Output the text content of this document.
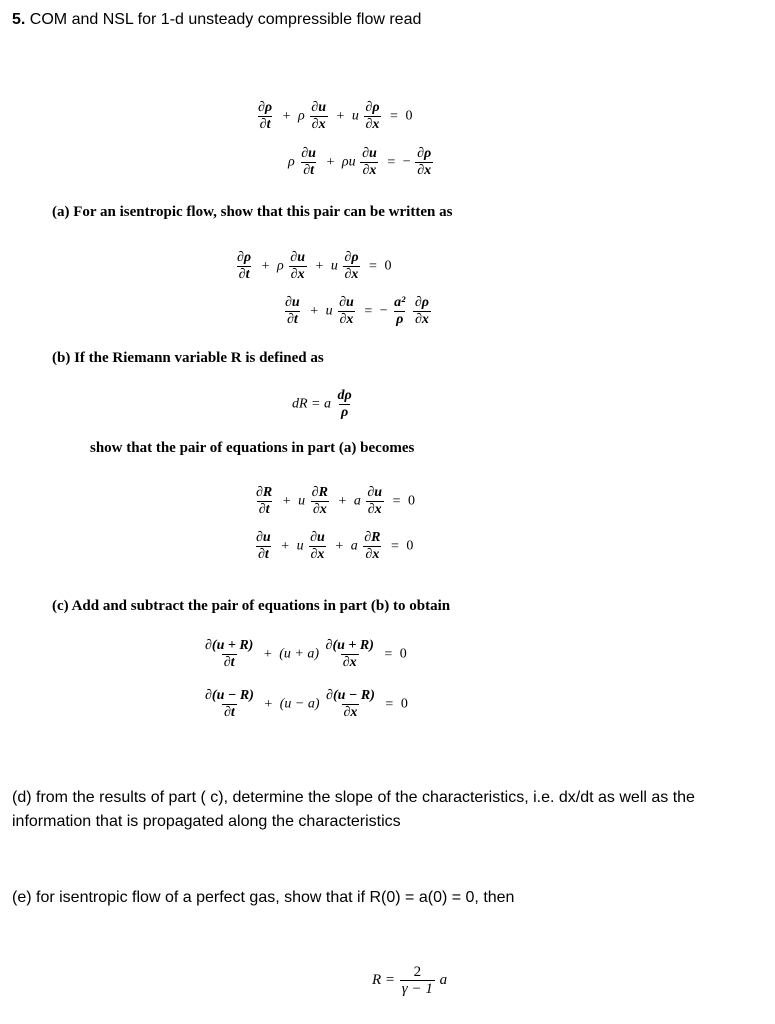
5. COM and NSL for 1-d unsteady compressible flow read
$\frac{\partial\rho}{\partial t} + \rho \frac{\partial u}{\partial x} + u \frac{\partial\rho}{\partial x} = 0$
ρ $\frac{\partial u}{\partial t} + \rho u \frac{\partial u}{\partial x}$ = − $\frac{\partial\rho}{\partial x}$
(a) For an isentropic flow, show that this pair can be written as
$\frac{\partial\rho}{\partial t} + \rho \frac{\partial u}{\partial x} + u \frac{\partial\rho}{\partial x} = 0$
$\frac{\partial u}{\partial t} + u \frac{\partial u}{\partial x}$ = − $\frac{\text{a²}}{\rho}$
$\frac{\partial\rho}{\partial x}$
(b) If the Riemann variable R is defined as
dR = a $\frac{d\rho}{\rho}$
show that the pair of equations in part (a) becomes
$\frac{\partial R}{\partial t} + u \frac{\partial R}{\partial x} + a \frac{\partial u}{\partial x} = 0$
$\frac{\partial u}{\partial t} + u \frac{\partial u}{\partial x} + a \frac{\partial R}{\partial x} = 0$
(c) Add and subtract the pair of equations in part (b) to obtain
$\frac{\partial(u + R)}{\partial t} + (u + a) \frac{\partial(u + R)}{\partial x} = 0$
$\frac{\partial(u - R)}{\partial t} + (u - a) \frac{\partial(u - R)}{\partial x} = 0$
(d) from the results of part ( c), determine the slope of the characteristics, i.e. dx/dt as well as the information that is propagated along the characteristics
(e) for isentropic flow of a perfect gas, show that if R(0) = a(0) = 0, then
$R = \frac{2}{\gamma - 1}$ a
